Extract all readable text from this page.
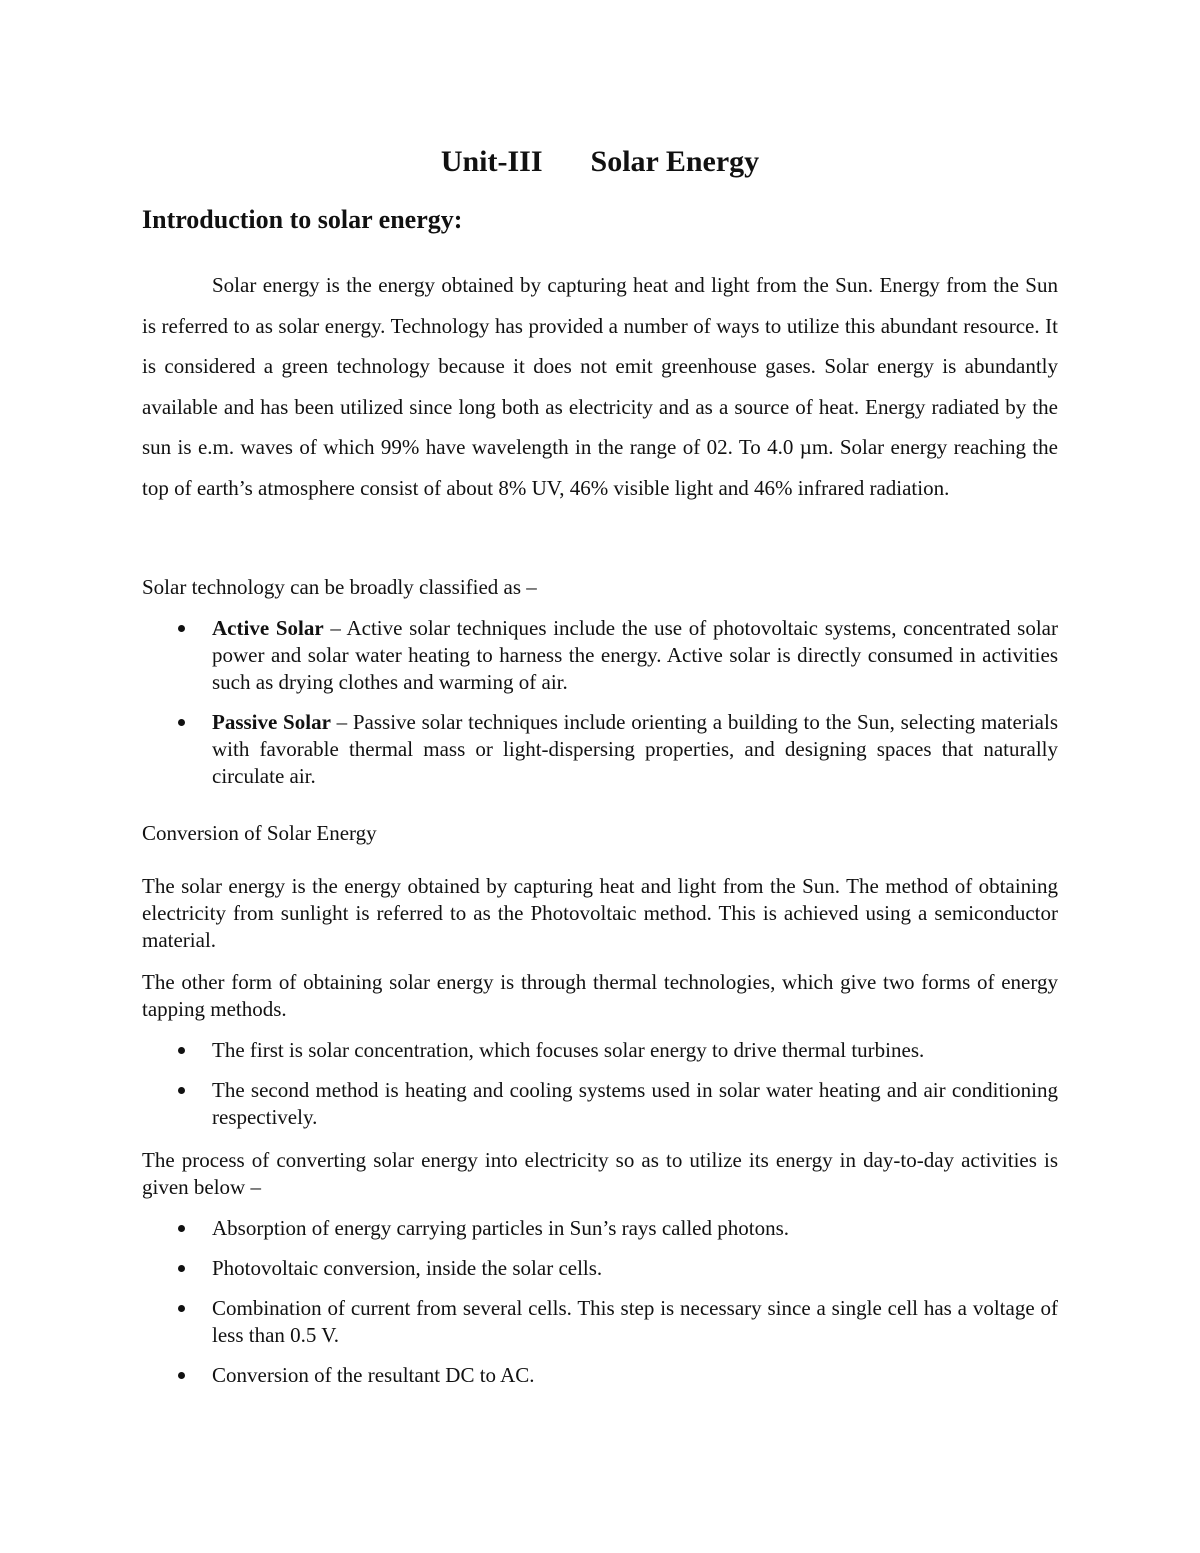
Unit-III Solar Energy
Introduction to solar energy:

Solar energy is the energy obtained by capturing heat and light from the Sun. Energy from the Sun is referred to as solar energy. Technology has provided a number of ways to utilize this abundant resource. It is considered a green technology because it does not emit greenhouse gases. Solar energy is abundantly available and has been utilized since long both as electricity and as a source of heat. Energy radiated by the sun is e.m. waves of which 99% have wavelength in the range of 02. To 4.0 µm. Solar energy reaching the top of earth’s atmosphere consist of about 8% UV, 46% visible light and 46% infrared radiation.

Solar technology can be broadly classified as –

Active Solar – Active solar techniques include the use of photovoltaic systems, concentrated solar power and solar water heating to harness the energy. Active solar is directly consumed in activities such as drying clothes and warming of air.
Passive Solar – Passive solar techniques include orienting a building to the Sun, selecting materials with favorable thermal mass or light-dispersing properties, and designing spaces that naturally circulate air.

Conversion of Solar Energy

The solar energy is the energy obtained by capturing heat and light from the Sun. The method of obtaining electricity from sunlight is referred to as the Photovoltaic method. This is achieved using a semiconductor material.

The other form of obtaining solar energy is through thermal technologies, which give two forms of energy tapping methods.

The first is solar concentration, which focuses solar energy to drive thermal turbines.
The second method is heating and cooling systems used in solar water heating and air conditioning respectively.

The process of converting solar energy into electricity so as to utilize its energy in day-to-day activities is given below –

Absorption of energy carrying particles in Sun’s rays called photons.
Photovoltaic conversion, inside the solar cells.
Combination of current from several cells. This step is necessary since a single cell has a voltage of less than 0.5 V.
Conversion of the resultant DC to AC.
